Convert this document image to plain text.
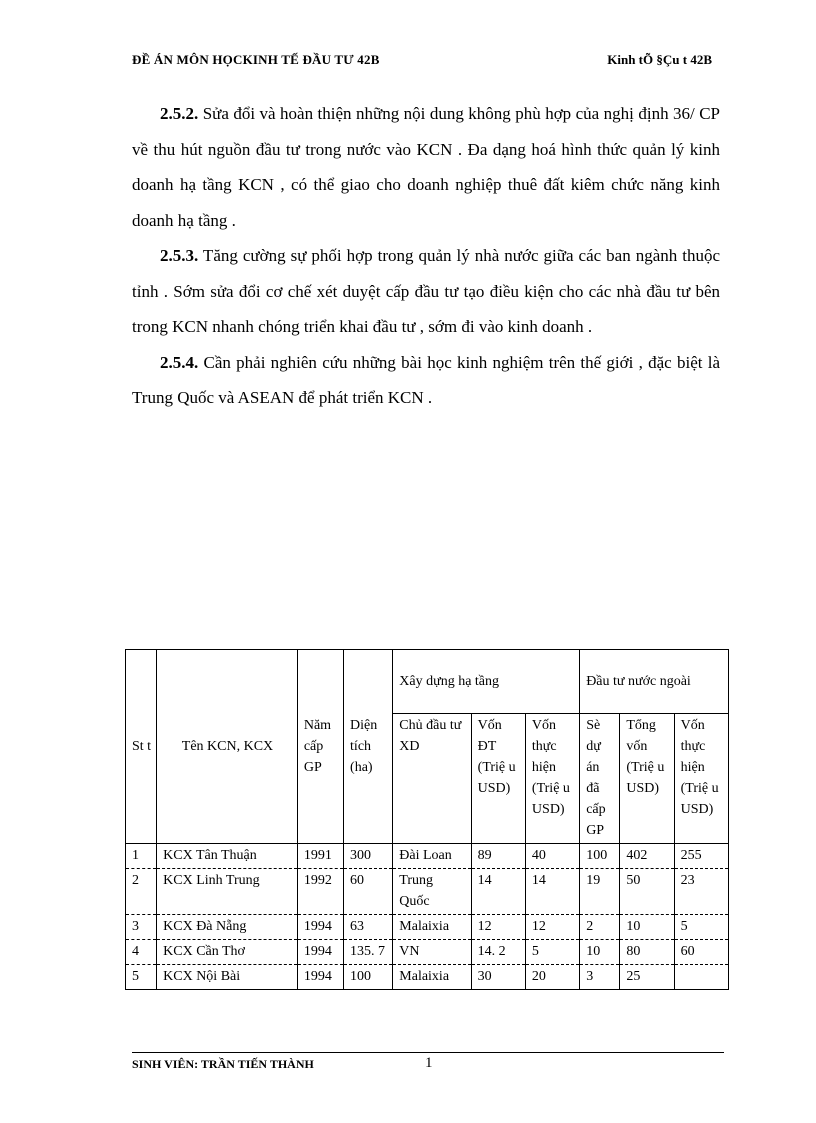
ĐỀ ÁN MÔN HỌCKINH TẾ ĐẦU TƯ 42B	Kinh tÕ §Çu t 42B

2.5.2. Sửa đổi và hoàn thiện những nội dung không phù hợp của nghị định 36/ CP về thu hút nguồn đầu tư trong nước vào KCN . Đa dạng hoá hình thức quản lý kinh doanh hạ tầng KCN , có thể giao cho doanh nghiệp thuê đất kiêm chức năng kinh doanh hạ tầng .

2.5.3. Tăng cường sự phối hợp trong quản lý nhà nước giữa các ban ngành thuộc tỉnh . Sớm sửa đổi cơ chế xét duyệt cấp đầu tư tạo điều kiện cho các nhà đầu tư bên trong KCN nhanh chóng triển khai đầu tư , sớm đi vào kinh doanh .

2.5.4. Cần phải nghiên cứu những bài học kinh nghiệm trên thế giới , đặc biệt là Trung Quốc và ASEAN để phát triển KCN .

St t	Tên KCN, KCX	Năm cấp GP	Diện tích (ha)	Xây dựng hạ tầng			Đầu tư nước ngoài		
				Chủ đầu tư XD	Vốn ĐT (Triệ u USD)	Vốn thực hiện (Triệ u USD)	Sè dự án đã cấp GP	Tổng vốn (Triệ u USD)	Vốn thực hiện (Triệ u USD)
1	KCX Tân Thuận	1991	300	Đài Loan	89	40	100	402	255
2	KCX Linh Trung	1992	60	Trung Quốc	14	14	19	50	23
3	KCX Đà Nẵng	1994	63	Malaixia	12	12	2	10	5
4	KCX Cần Thơ	1994	135. 7	VN	14. 2	5	10	80	60
5	KCX Nội Bài	1994	100	Malaixia	30	20	3	25	
SINH VIÊN: TRẦN TIẾN THÀNH	1
